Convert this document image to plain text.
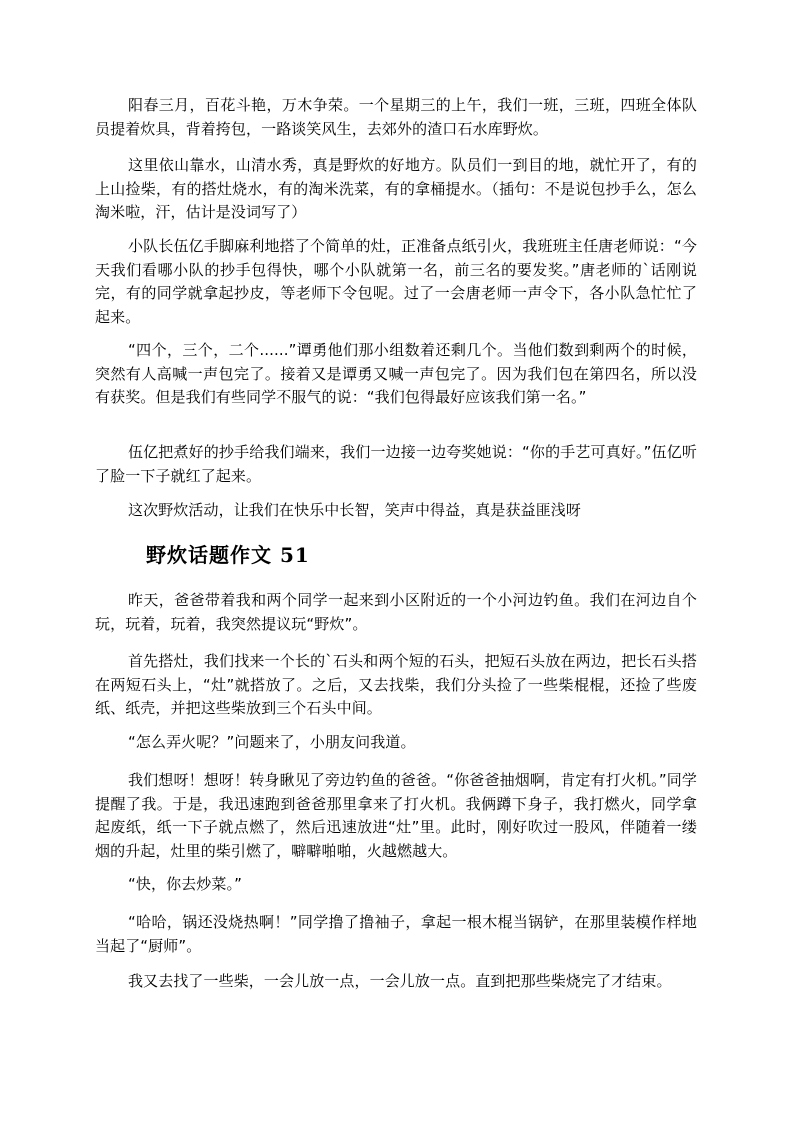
阳春三月，百花斗艳，万木争荣。一个星期三的上午，我们一班，三班，四班全体队员提着炊具，背着挎包，一路谈笑风生，去郊外的渣口石水库野炊。

这里依山靠水，山清水秀，真是野炊的好地方。队员们一到目的地，就忙开了，有的上山捡柴，有的搭灶烧水，有的淘米洗菜，有的拿桶提水。（插句：不是说包抄手么，怎么淘米啦，汗，估计是没词写了）

小队长伍亿手脚麻利地搭了个简单的灶，正准备点纸引火，我班班主任唐老师说：“今天我们看哪小队的抄手包得快，哪个小队就第一名，前三名的要发奖。”唐老师的`话刚说完，有的同学就拿起抄皮，等老师下令包呢。过了一会唐老师一声令下，各小队急忙忙了起来。

“四个，三个，二个......”谭勇他们那小组数着还剩几个。当他们数到剩两个的时候，突然有人高喊一声包完了。接着又是谭勇又喊一声包完了。因为我们包在第四名，所以没有获奖。但是我们有些同学不服气的说：“我们包得最好应该我们第一名。”

伍亿把煮好的抄手给我们端来，我们一边接一边夸奖她说：“你的手艺可真好。”伍亿听了脸一下子就红了起来。

这次野炊活动，让我们在快乐中长智，笑声中得益，真是获益匪浅呀

野炊话题作文 51

昨天，爸爸带着我和两个同学一起来到小区附近的一个小河边钓鱼。我们在河边自个玩，玩着，玩着，我突然提议玩“野炊”。

首先搭灶，我们找来一个长的`石头和两个短的石头，把短石头放在两边，把长石头搭在两短石头上，“灶”就搭放了。之后，又去找柴，我们分头捡了一些柴棍棍，还捡了些废纸、纸壳，并把这些柴放到三个石头中间。

“怎么弄火呢？”问题来了，小朋友问我道。

我们想呀！想呀！转身瞅见了旁边钓鱼的爸爸。“你爸爸抽烟啊，肯定有打火机。”同学提醒了我。于是，我迅速跑到爸爸那里拿来了打火机。我俩蹲下身子，我打燃火，同学拿起废纸，纸一下子就点燃了，然后迅速放进“灶”里。此时，刚好吹过一股风，伴随着一缕烟的升起，灶里的柴引燃了，噼噼啪啪，火越燃越大。

“快，你去炒菜。”

“哈哈，锅还没烧热啊！”同学撸了撸袖子，拿起一根木棍当锅铲，在那里装模作样地当起了“厨师”。

我又去找了一些柴，一会儿放一点，一会儿放一点。直到把那些柴烧完了才结束。
